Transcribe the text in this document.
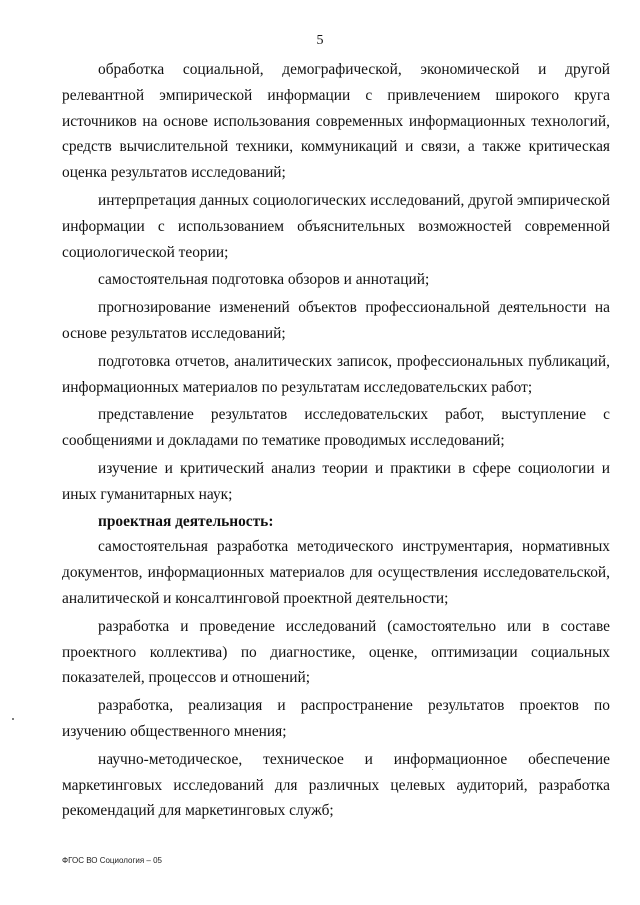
5

обработка социальной, демографической, экономической и другой релевантной эмпирической информации с привлечением широкого круга источников на основе использования современных информационных технологий, средств вычислительной техники, коммуникаций и связи, а также критическая оценка результатов исследований;

интерпретация данных социологических исследований, другой эмпирической информации с использованием объяснительных возможностей современной социологической теории;

самостоятельная подготовка обзоров и аннотаций;

прогнозирование изменений объектов профессиональной деятельности на основе результатов исследований;

подготовка отчетов, аналитических записок, профессиональных публикаций, информационных материалов по результатам исследовательских работ;

представление результатов исследовательских работ, выступление с сообщениями и докладами по тематике проводимых исследований;

изучение и критический анализ теории и практики в сфере социологии и иных гуманитарных наук;

проектная деятельность:

самостоятельная разработка методического инструментария, нормативных документов, информационных материалов для осуществления исследовательской, аналитической и консалтинговой проектной деятельности;

разработка и проведение исследований (самостоятельно или в составе проектного коллектива) по диагностике, оценке, оптимизации социальных показателей, процессов и отношений;

разработка, реализация и распространение результатов проектов по изучению общественного мнения;

научно-методическое, техническое и информационное обеспечение маркетинговых исследований для различных целевых аудиторий, разработка рекомендаций для маркетинговых служб;

ФГОС ВО Социология – 05
